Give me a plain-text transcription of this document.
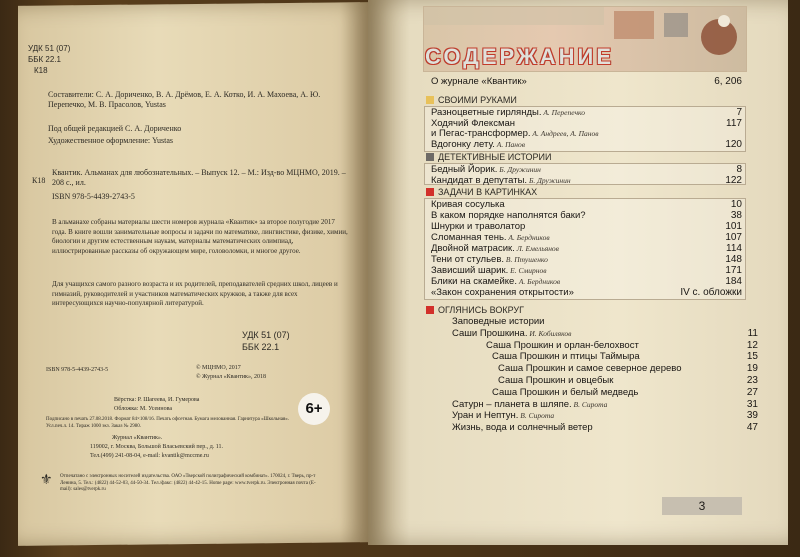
УДК 51 (07)
ББК 22.1
К18
Составители: С. А. Дориченко, В. А. Дрёмов, Е. А. Котко, И. А. Махоева, А. Ю. Перепечко, М. В. Прасолов, Yustas
Под общей редакцией С. А. Дориченко
Художественное оформление: Yustas
К18
Квантик. Альманах для любознательных. – Выпуск 12. – М.: Изд-во МЦНМО, 2019. – 208 с., ил.
ISBN 978-5-4439-2743-5
В альманахе собраны материалы шести номеров журнала «Квантик» за второе полугодие 2017 года. В книге вошли занимательные вопросы и задачи по математике, лингвистике, физике, химии, биологии и другим естественным наукам, материалы математических олимпиад, иллюстрированные рассказы об окружающем мире, головоломки, и многое другое.
Для учащихся самого разного возраста и их родителей, преподавателей средних школ, лицеев и гимназий, руководителей и участников математических кружков, а также для всех интересующихся научно-популярной литературой.
УДК 51 (07)
ББК 22.1
ISBN 978-5-4439-2743-5	© МЦНМО, 2017
© Журнал «Квантик», 2018
Вёрстка: Р. Шагеева, И. Гумерова
Обложка: М. Усеинова	6+
Подписано в печать 27.08.2018. Формат 84×108/16. Печать офсетная. Бумага мелованная. Гарнитура «Школьная». Усл.печ.л. 14. Тираж 1000 экз. Заказ № 2980.
Журнал «Квантик».
119002, г. Москва, Большой Власьевский пер., д. 11.
Тел.(499) 241-08-04, e-mail: kvantik@mccme.ru
⚜ Отпечатано с электронных носителей издательства. ОАО «Тверской полиграфический комбинат». 170024, г. Тверь, пр-т Ленина, 5. Тел.: (4822) 44-52-03, 44-50-34. Тел./факс: (4822) 44-42-15. Home page: www.tverpk.ru. Электронная почта (E-mail): sales@tverpk.ru
СОДЕРЖАНИЕ
О журнале «Квантик»	6, 206
СВОИМИ РУКАМИ
Разноцветные гирлянды. А. Перепечко	7
Ходячий Флексман	117
и Пегас-трансформер. А. Андреев, А. Панов
Вдогонку лету. А. Панов	120
ДЕТЕКТИВНЫЕ ИСТОРИИ
Бедный Йорик. Б. Дружинин	8
Кандидат в депутаты. Б. Дружинин	122
ЗАДАЧИ В КАРТИНКАХ
Кривая сосулька	10
В каком порядке наполнятся баки?	38
Шнурки и траволатор	101
Сломанная тень. А. Бердников	107
Двойной матрасик. Л. Емельянов	114
Тени от стульев. В. Птушенко	148
Зависший шарик. Е. Смирнов	171
Блики на скамейке. А. Бердников	184
«Закон сохранения открытости»	IV с. обложки
ОГЛЯНИСЬ ВОКРУГ
Заповедные истории
Саши Прошкина. И. Кобиляков	11
Саша Прошкин и орлан-белохвост	12
Саша Прошкин и птицы Таймыра	15
Саша Прошкин и самое северное дерево	19
Саша Прошкин и овцебык	23
Саша Прошкин и белый медведь	27
Сатурн – планета в шляпе. В. Сирота	31
Уран и Нептун. В. Сирота	39
Жизнь, вода и солнечный ветер	47
3
